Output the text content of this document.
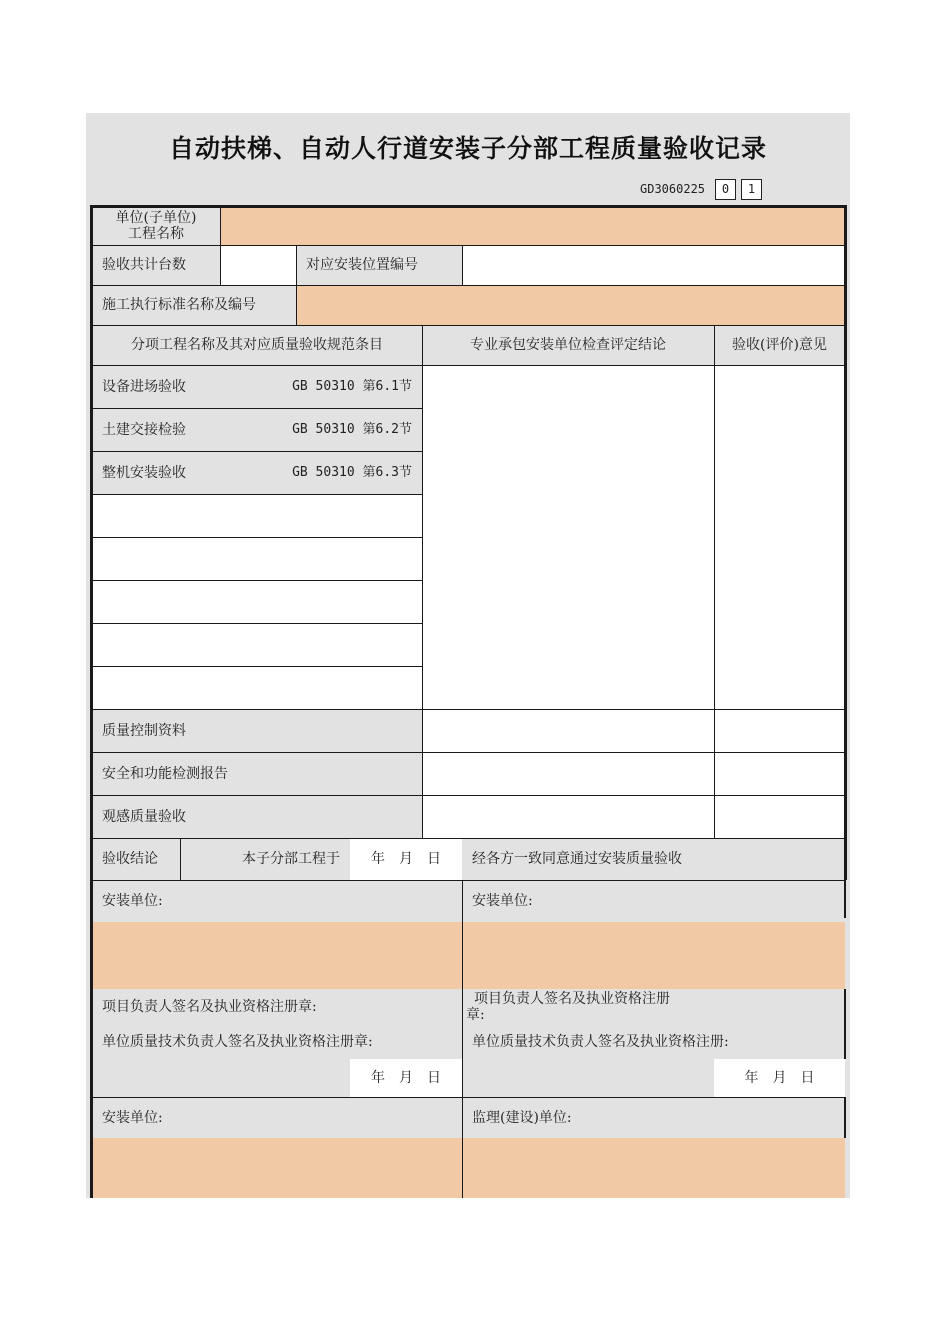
自动扶梯、自动人行道安装子分部工程质量验收记录
GD3060225	0	1
单位(子单位)
工程名称
验收共计台数	对应安装位置编号
施工执行标准名称及编号
分项工程名称及其对应质量验收规范条目	专业承包安装单位检查评定结论	验收(评价)意见
设备进场验收	GB 50310 第6.1节
土建交接检验	GB 50310 第6.2节
整机安装验收	GB 50310 第6.3节
质量控制资料
安全和功能检测报告
观感质量验收
验收结论	本子分部工程于	年　月　日	经各方一致同意通过安装质量验收
安装单位:	安装单位:
项目负责人签名及执业资格注册章:	项目负责人签名及执业资格注册
章:
单位质量技术负责人签名及执业资格注册章:	单位质量技术负责人签名及执业资格注册:
年　月　日	年　月　日
安装单位:	监理(建设)单位:
